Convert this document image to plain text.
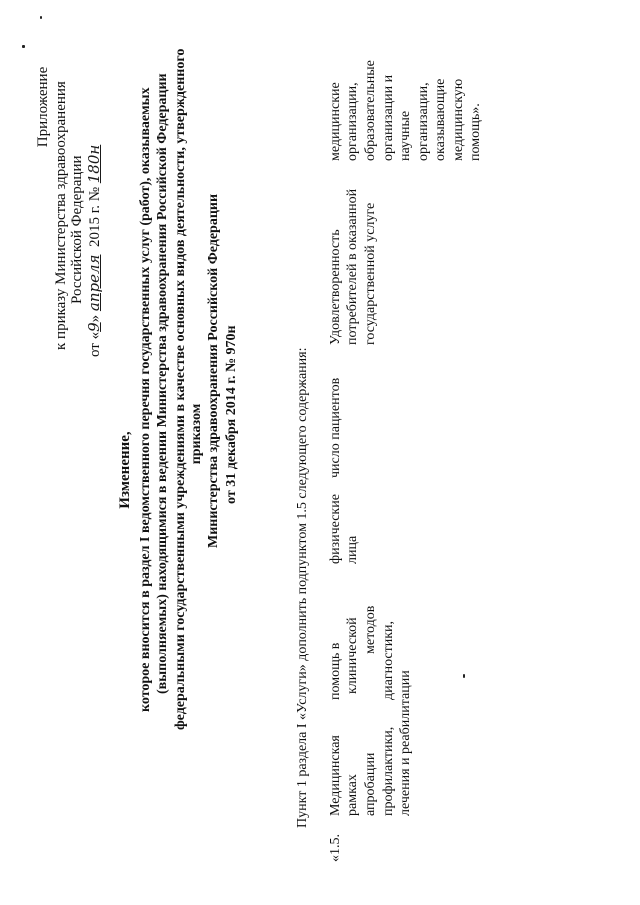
Приложение к приказу Министерства здравоохранения Российской Федерации
от «9» апреля  2015 г. № 180н
Изменение, которое вносится в раздел I ведомственного перечня государственных услуг (работ), оказываемых (выполняемых) находящимися в ведении Министерства здравоохранения Российской Федерации федеральными государственными учреждениями в качестве основных видов деятельности, утвержденного приказом Министерства здравоохранения Российской Федерации от 31 декабря 2014 г. № 970н	Пункт 1 раздела I «Услуги» дополнить подпунктом 1.5 следующего содержания:
«1.5.
Медицинская рамках апробации профилактики, лечения и реабилитации
помощь в клинической методов диагностики,
физические лица
число пациентов
Удовлетворенность потребителей в оказанной государственной услуге
медицинские организации, образовательные организации и научные организации, оказывающие медицинскую помощь».
